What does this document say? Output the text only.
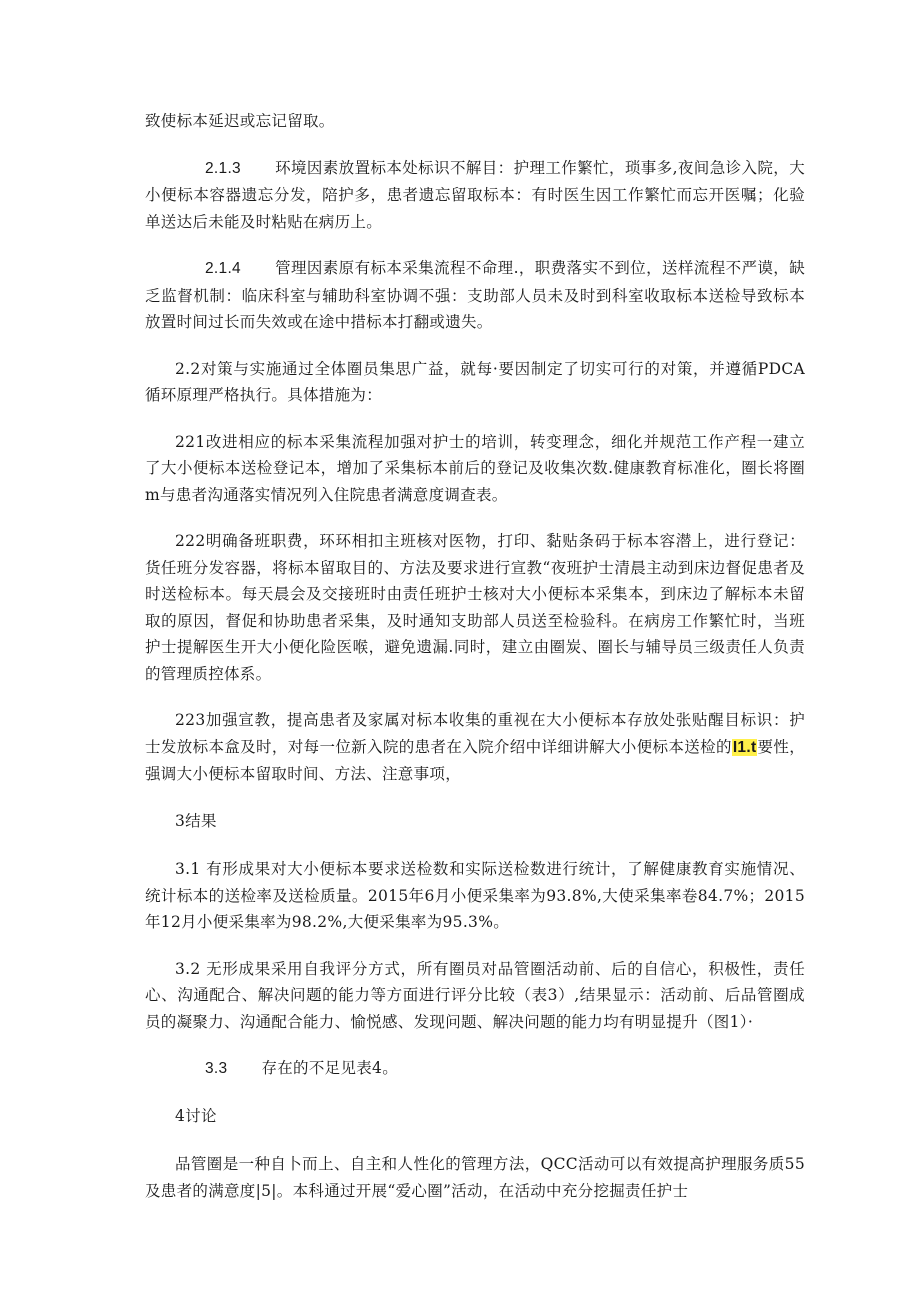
致使标本延迟或忘记留取。

2.1.3 环境因素放置标本处标识不解目：护理工作繁忙，琐事多,夜间急诊入院，大小便标本容器遗忘分发，陪护多，患者遗忘留取标本：有时医生因工作繁忙而忘开医嘱；化验单送达后未能及时粘贴在病历上。

2.1.4 管理因素原有标本采集流程不命理.，职费落实不到位，送样流程不严谟，缺乏监督机制：临床科室与辅助科室协调不强：支助部人员未及时到科室收取标本送检导致标本放置时间过长而失效或在途中措标本打翻或遗失。

2.2对策与实施通过全体圈员集思广益，就每·要因制定了切实可行的对策，并遵循PDCA循环原理严格执行。具体措施为：

221改进相应的标本采集流程加强对护士的培训，转变理念，细化并规范工作产程一建立了大小便标本送检登记本，增加了采集标本前后的登记及收集次数.健康教育标准化，圈长将圈m与患者沟通落实情况列入住院患者满意度调查表。

222明确备班职费，环环相扣主班核对医物，打印、黏贴条码于标本容潜上，进行登记：货任班分发容器，将标本留取目的、方法及要求进行宣教“夜班护士清晨主动到床边督促患者及时送检标本。每天晨会及交接班时由责任班护士核对大小便标本采集本，到床边了解标本未留取的原因，督促和协助患者采集，及时通知支助部人员送至检验科。在病房工作繁忙时，当班护士提解医生开大小便化险医喉，避免遗漏.同时，建立由圈炭、圈长与辅导员三级责任人负责的管理质控体系。

223加强宣教，提高患者及家属对标本收集的重视在大小便标本存放处张贴醒目标识：护士发放标本盒及时，对每一位新入院的患者在入院介绍中详细讲解大小便标本送检的I1.t要性，强调大小便标本留取时间、方法、注意事项，

3结果

3.1 有形成果对大小便标本要求送检数和实际送检数进行统计，了解健康教育实施情况、统计标本的送检率及送检质量。2015年6月小便采集率为93.8%,大使采集率卷84.7%；2015年12月小便采集率为98.2%,大便采集率为95.3%。

3.2 无形成果采用自我评分方式，所有圈员对品管圈活动前、后的自信心，积极性，责任心、沟通配合、解决问题的能力等方面进行评分比较（表3）,结果显示：活动前、后品管圈成员的凝聚力、沟通配合能力、愉悦感、发现问题、解决问题的能力均有明显提升（图1）·

3.3 存在的不足见表4。

4讨论

品管圈是一种自卜而上、自主和人性化的管理方法，QCC活动可以有效提高护理服务质55及患者的满意度|5|。本科通过开展“爱心圈”活动，在活动中充分挖掘责任护士
